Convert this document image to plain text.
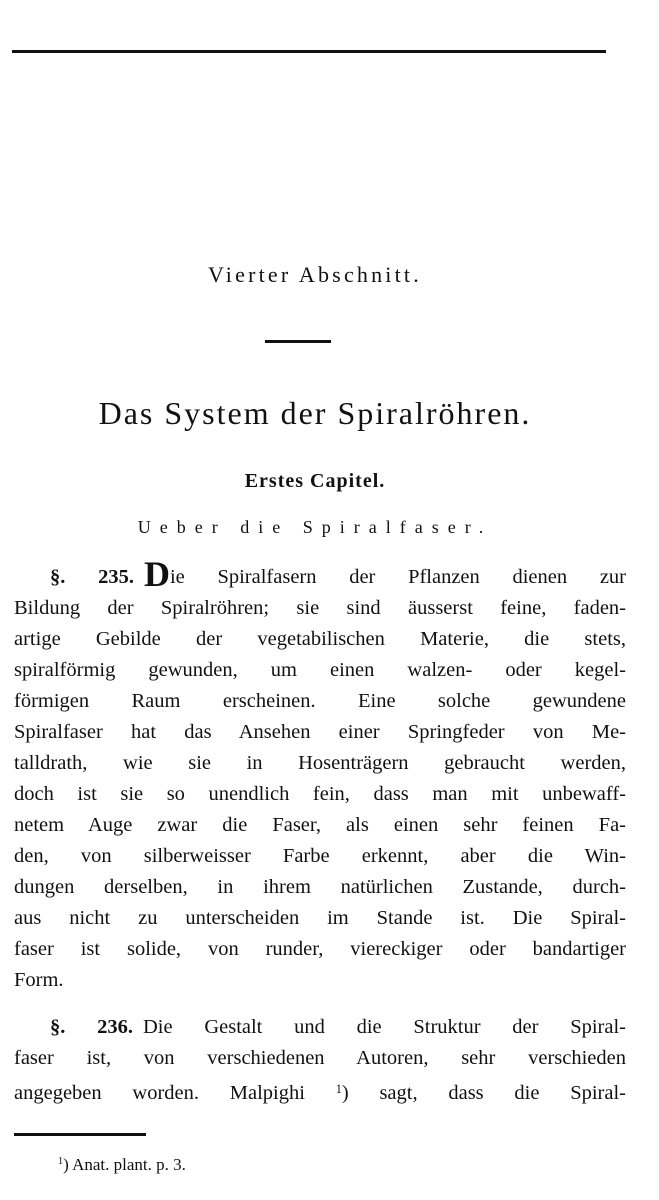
Vierter Abschnitt.
Das System der Spiralröhren.
Erstes Capitel.
Ueber die Spiralfaser.
§. 235. Die Spiralfasern der Pflanzen dienen zur
Bildung der Spiralröhren; sie sind äusserst feine, faden-
artige Gebilde der vegetabilischen Materie, die stets,
spiralförmig gewunden, um einen walzen- oder kegel-
förmigen Raum erscheinen. Eine solche gewundene
Spiralfaser hat das Ansehen einer Springfeder von Me-
talldrath, wie sie in Hosenträgern gebraucht werden,
doch ist sie so unendlich fein, dass man mit unbewaff-
netem Auge zwar die Faser, als einen sehr feinen Fa-
den, von silberweisser Farbe erkennt, aber die Win-
dungen derselben, in ihrem natürlichen Zustande, durch-
aus nicht zu unterscheiden im Stande ist. Die Spiral-
faser ist solide, von runder, viereckiger oder bandartiger
Form.
§. 236. Die Gestalt und die Struktur der Spiral-
faser ist, von verschiedenen Autoren, sehr verschieden
angegeben worden. Malpighi	$^1$) sagt, dass die Spiral-
$^1$) Anat. plant. p. 3.
